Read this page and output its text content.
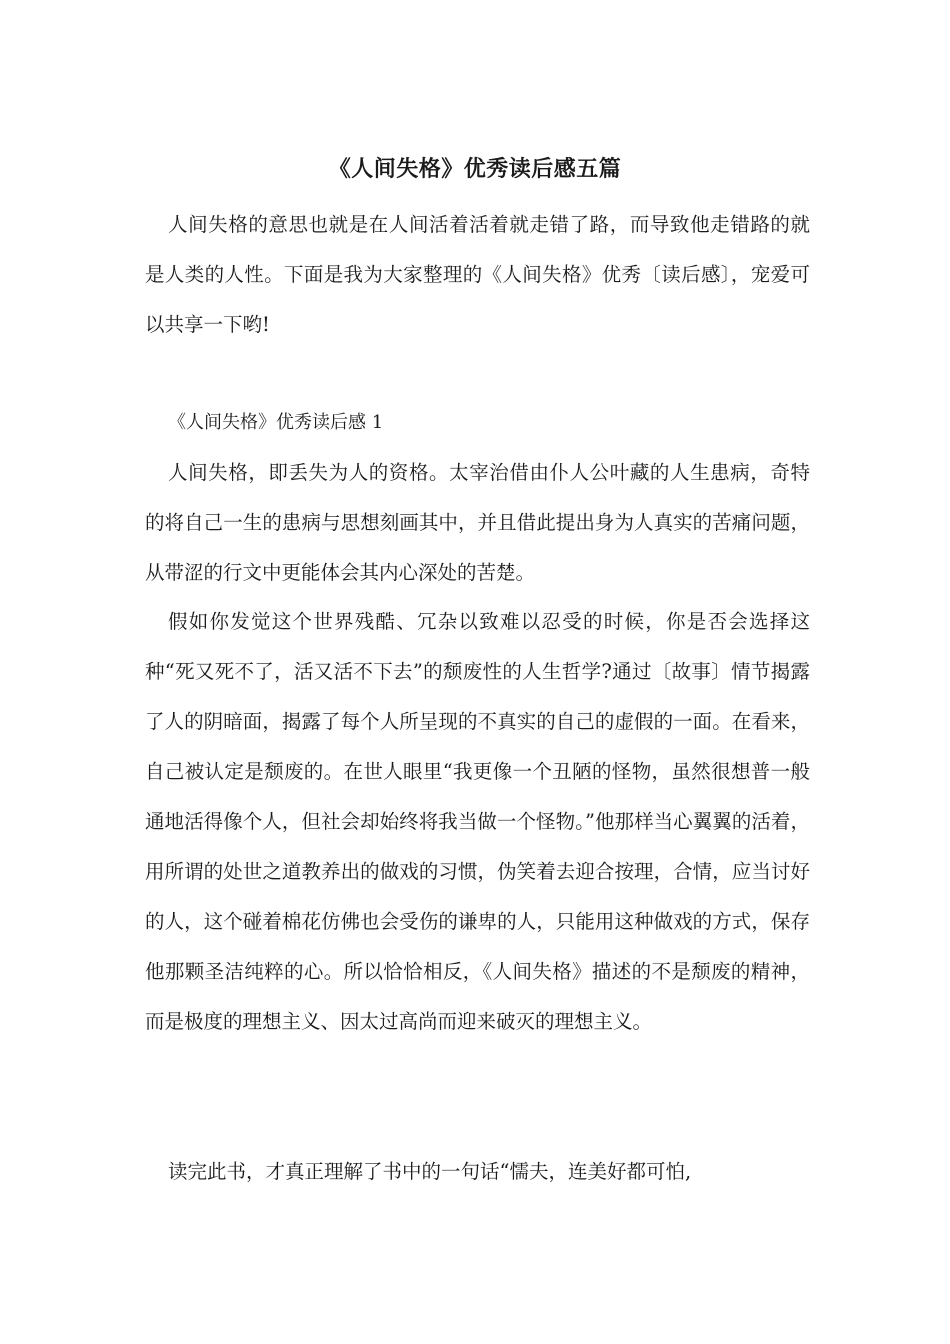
《人间失格》优秀读后感五篇

人间失格的意思也就是在人间活着活着就走错了路，而导致他走错路的就是人类的人性。下面是我为大家整理的《人间失格》优秀〔读后感〕，宠爱可以共享一下哟!

《人间失格》优秀读后感 1

人间失格，即丢失为人的资格。太宰治借由仆人公叶藏的人生患病，奇特的将自己一生的患病与思想刻画其中，并且借此提出身为人真实的苦痛问题，从带涩的行文中更能体会其内心深处的苦楚。

假如你发觉这个世界残酷、冗杂以致难以忍受的时候，你是否会选择这种“死又死不了，活又活不下去”的颓废性的人生哲学?通过〔故事〕情节揭露了人的阴暗面，揭露了每个人所呈现的不真实的自己的虚假的一面。在看来，自己被认定是颓废的。在世人眼里“我更像一个丑陋的怪物，虽然很想普一般通地活得像个人，但社会却始终将我当做一个怪物。”他那样当心翼翼的活着，用所谓的处世之道教养出的做戏的习惯，伪笑着去迎合按理，合情，应当讨好的人，这个碰着棉花仿佛也会受伤的谦卑的人，只能用这种做戏的方式，保存他那颗圣洁纯粹的心。所以恰恰相反，《人间失格》描述的不是颓废的精神，而是极度的理想主义、因太过高尚而迎来破灭的理想主义。

读完此书，才真正理解了书中的一句话“懦夫，连美好都可怕,
